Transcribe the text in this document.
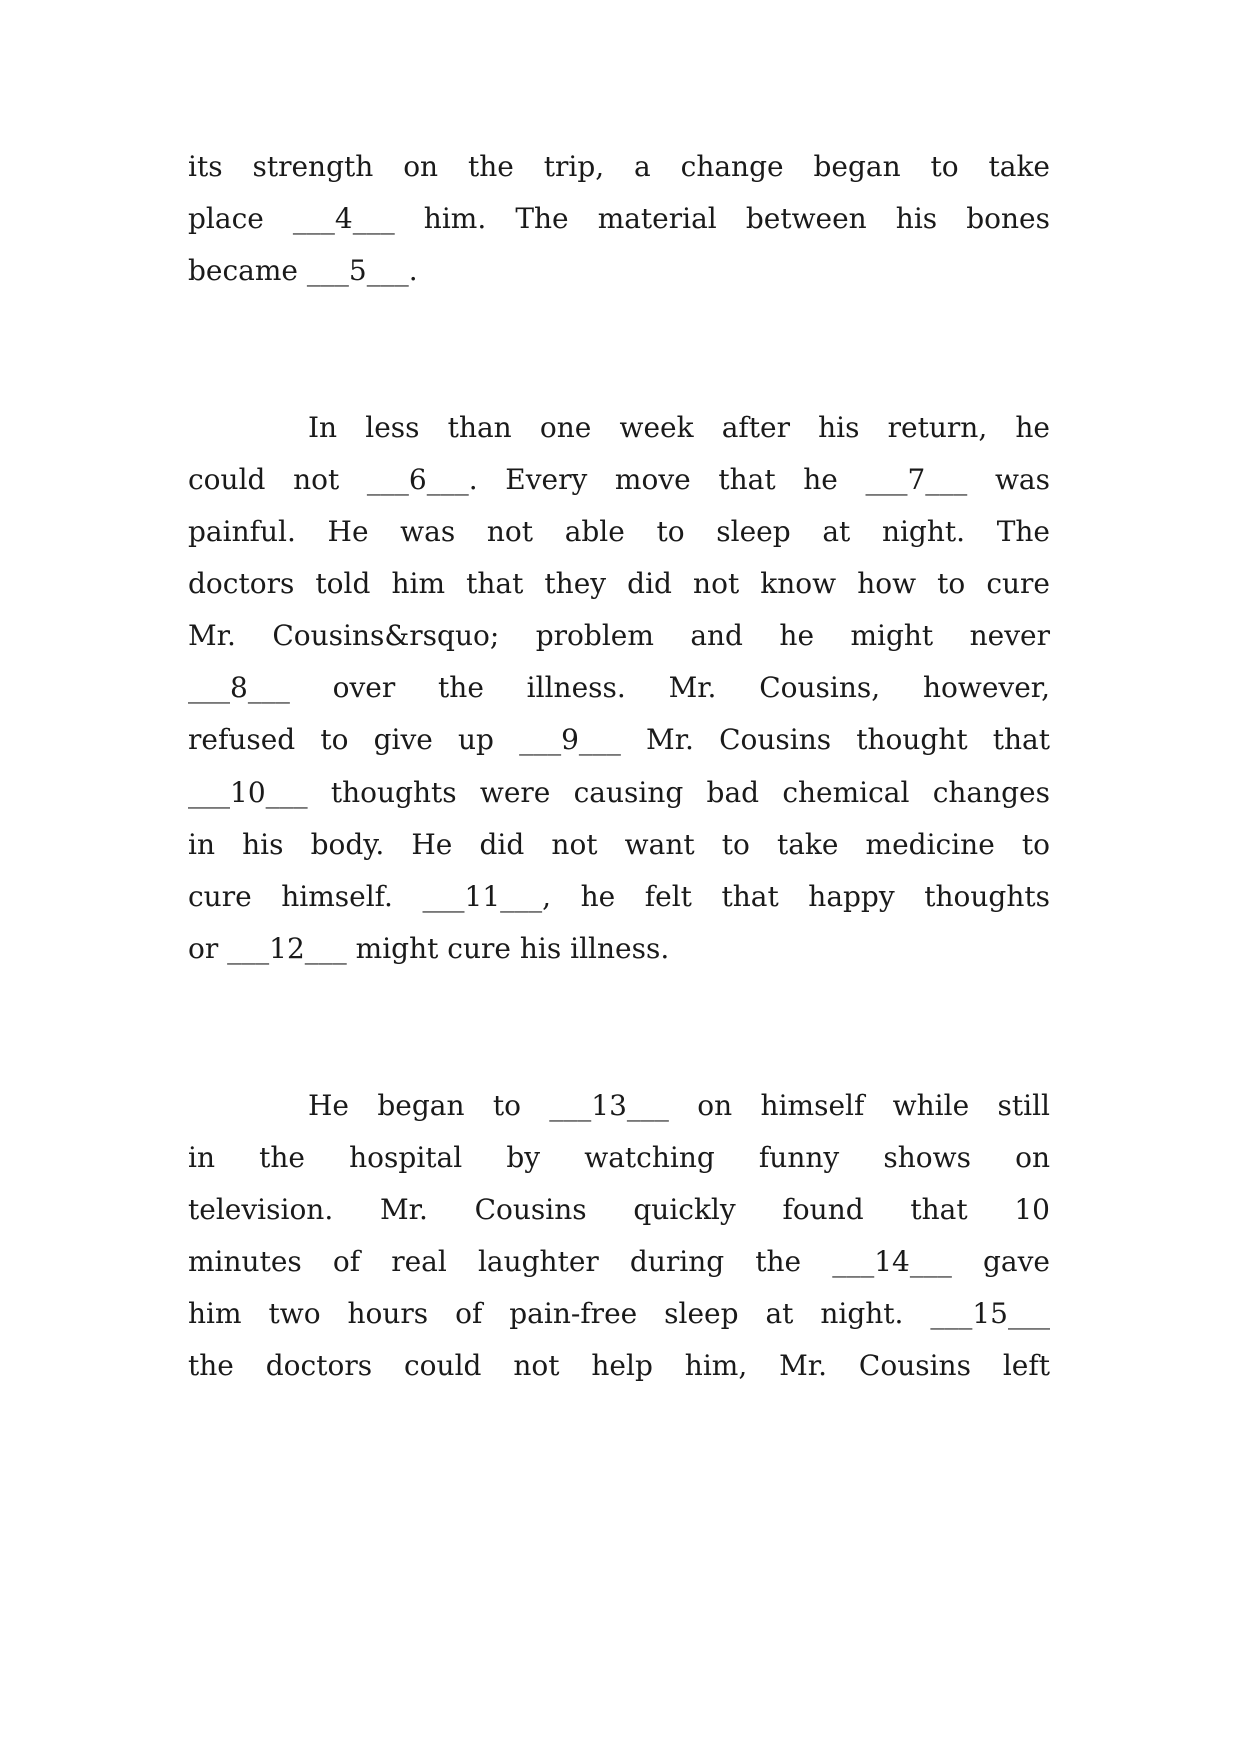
its strength on the trip, a change began to take
place ___4___ him. The material between his bones
became ___5___.
In less than one week after his return, he
could not ___6___. Every move that he ___7___ was
painful. He was not able to sleep at night. The
doctors told him that they did not know how to cure
Mr. Cousins&rsquo; problem and he might never
___8___ over the illness. Mr. Cousins, however,
refused to give up ___9___ Mr. Cousins thought that
___10___ thoughts were causing bad chemical changes
in his body. He did not want to take medicine to
cure himself. ___11___, he felt that happy thoughts
or ___12___ might cure his illness.
He began to ___13___ on himself while still
in the hospital by watching funny shows on
television. Mr. Cousins quickly found that 10
minutes of real laughter during the ___14___ gave
him two hours of pain-free sleep at night. ___15___
the doctors could not help him, Mr. Cousins left
